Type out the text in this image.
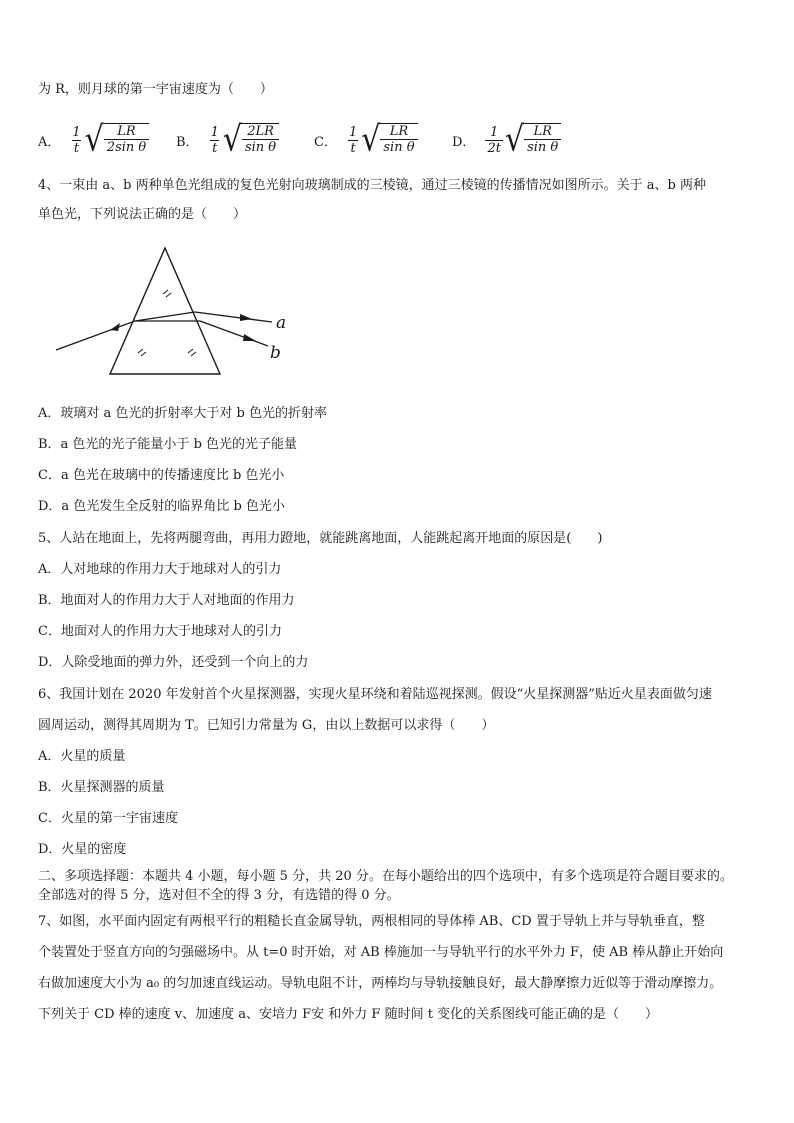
为 R，则月球的第一宇宙速度为（　　）
A． $\frac{1}{t}$ √ $\frac{LR}{\text{2sin θ}}$ B． $\frac{1}{t}$ √ $\frac{2LR}{\text{sin θ}}$	C． $\frac{1}{t}$ √ $\frac{LR}{\text{sin θ}}$	D． $\frac{1}{2t}$ √ $\frac{LR}{\text{sin θ}}$
4、一束由 a、b 两种单色光组成的复色光射向玻璃制成的三棱镜，通过三棱镜的传播情况如图所示。关于 a、b 两种
单色光，下列说法正确的是（　　）
a
b
A．玻璃对 a 色光的折射率大于对 b 色光的折射率
B．a 色光的光子能量小于 b 色光的光子能量
C．a 色光在玻璃中的传播速度比 b 色光小
D．a 色光发生全反射的临界角比 b 色光小
5、人站在地面上，先将两腿弯曲，再用力蹬地，就能跳离地面，人能跳起离开地面的原因是(　　)
A．人对地球的作用力大于地球对人的引力
B．地面对人的作用力大于人对地面的作用力
C．地面对人的作用力大于地球对人的引力
D．人除受地面的弹力外，还受到一个向上的力
6、我国计划在 2020 年发射首个火星探测器，实现火星环绕和着陆巡视探测。假设“火星探测器”贴近火星表面做匀速
圆周运动，测得其周期为 T。已知引力常量为 G，由以上数据可以求得（　　）
A．火星的质量
B．火星探测器的质量
C．火星的第一宇宙速度
D．火星的密度
二、多项选择题：本题共 4 小题，每小题 5 分，共 20 分。在每小题给出的四个选项中，有多个选项是符合题目要求的。
全部选对的得 5 分，选对但不全的得 3 分，有选错的得 0 分。
7、如图，水平面内固定有两根平行的粗糙长直金属导轨，两根相同的导体棒 AB、CD 置于导轨上并与导轨垂直，整
个装置处于竖直方向的匀强磁场中。从 t=0 时开始，对 AB 棒施加一与导轨平行的水平外力 F，使 AB 棒从静止开始向
右做加速度大小为 a₀ 的匀加速直线运动。导轨电阻不计，两棒均与导轨接触良好，最大静摩擦力近似等于滑动摩擦力。
下列关于 CD 棒的速度 v、加速度 a、安培力 F安 和外力 F 随时间 t 变化的关系图线可能正确的是（　　）
